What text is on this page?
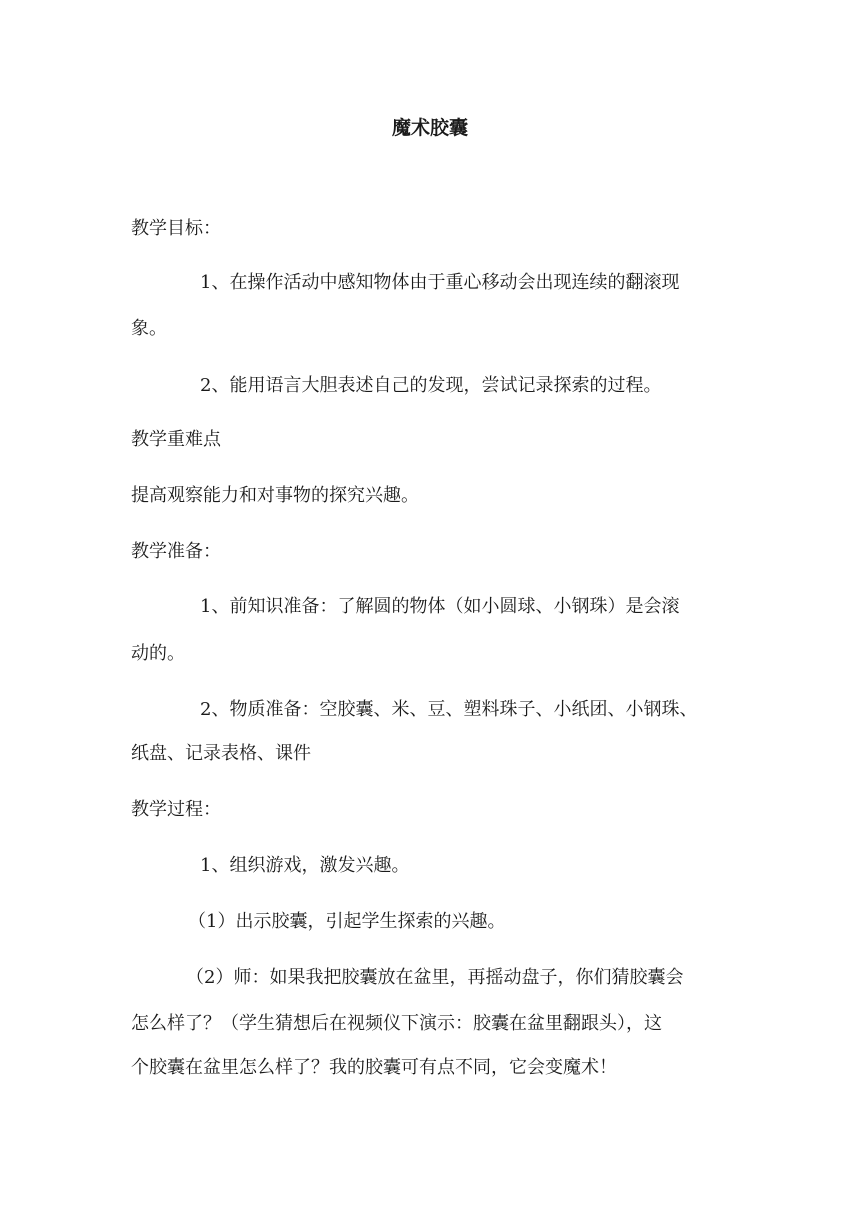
魔术胶囊

教学目标：

1、在操作活动中感知物体由于重心移动会出现连续的翻滚现

象。

2、能用语言大胆表述自己的发现，尝试记录探索的过程。

教学重难点

提高观察能力和对事物的探究兴趣。

教学准备：

1、前知识准备：了解圆的物体（如小圆球、小钢珠）是会滚

动的。

2、物质准备：空胶囊、米、豆、塑料珠子、小纸团、小钢珠、

纸盘、记录表格、课件

教学过程：

1、组织游戏，激发兴趣。

（1）出示胶囊，引起学生探索的兴趣。

（2）师：如果我把胶囊放在盆里，再摇动盘子，你们猜胶囊会

怎么样了？（学生猜想后在视频仪下演示：胶囊在盆里翻跟头），这

个胶囊在盆里怎么样了？我的胶囊可有点不同，它会变魔术！
